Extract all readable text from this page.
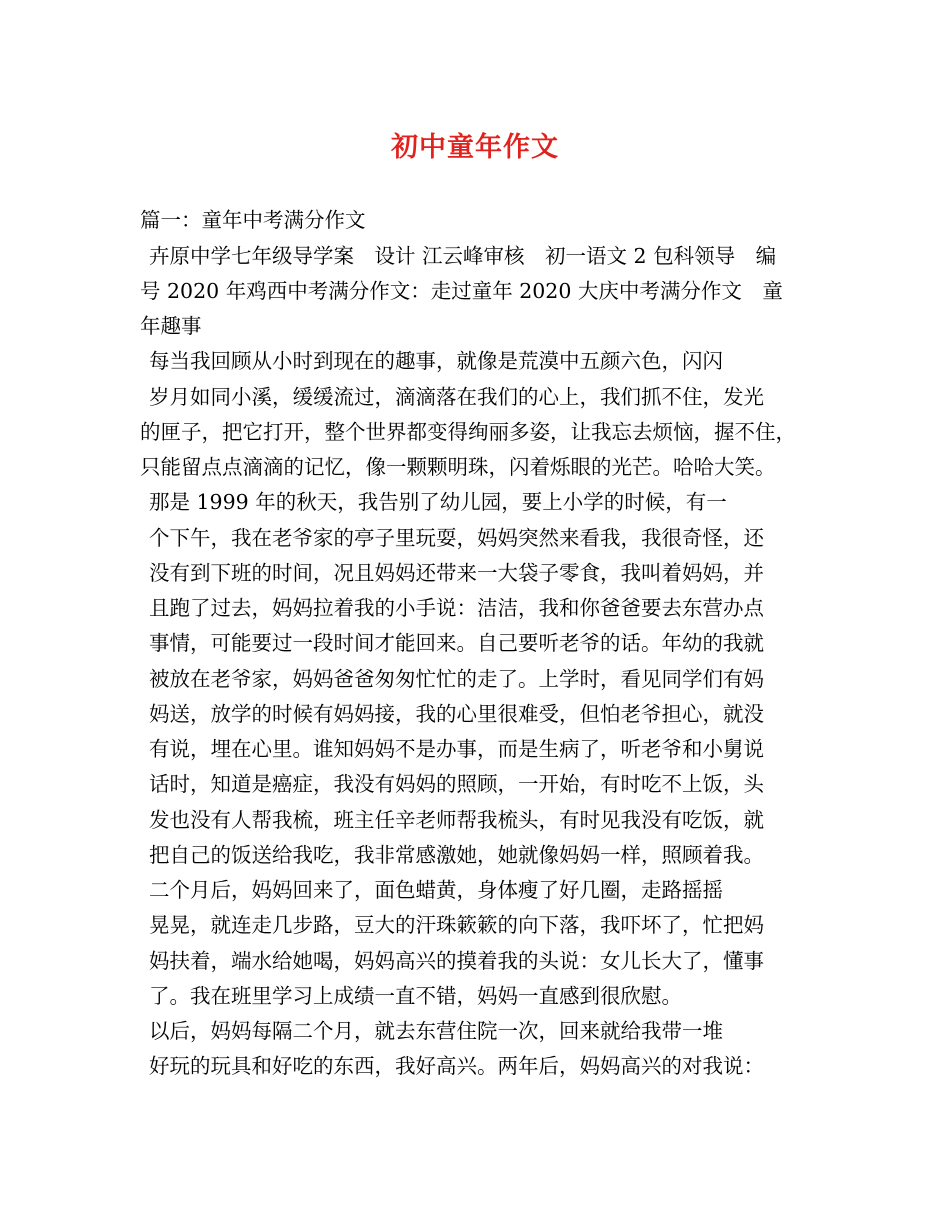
初中童年作文
篇一：童年中考满分作文
卉原中学七年级导学案　设计 江云峰审核　初一语文 2 包科领导　编
号 2020 年鸡西中考满分作文：走过童年 2020 大庆中考满分作文　童
年趣事
每当我回顾从小时到现在的趣事，就像是荒漠中五颜六色，闪闪
岁月如同小溪，缓缓流过，滴滴落在我们的心上，我们抓不住，发光
的匣子，把它打开，整个世界都变得绚丽多姿，让我忘去烦恼，握不住，
只能留点点滴滴的记忆，像一颗颗明珠，闪着烁眼的光芒。哈哈大笑。
那是 1999 年的秋天，我告别了幼儿园，要上小学的时候，有一
个下午，我在老爷家的亭子里玩耍，妈妈突然来看我，我很奇怪，还
没有到下班的时间，况且妈妈还带来一大袋子零食，我叫着妈妈，并
且跑了过去，妈妈拉着我的小手说：洁洁，我和你爸爸要去东营办点
事情，可能要过一段时间才能回来。自己要听老爷的话。年幼的我就
被放在老爷家，妈妈爸爸匆匆忙忙的走了。上学时，看见同学们有妈
妈送，放学的时候有妈妈接，我的心里很难受，但怕老爷担心，就没
有说，埋在心里。谁知妈妈不是办事，而是生病了，听老爷和小舅说
话时，知道是癌症，我没有妈妈的照顾，一开始，有时吃不上饭，头
发也没有人帮我梳，班主任辛老师帮我梳头，有时见我没有吃饭，就
把自己的饭送给我吃，我非常感激她，她就像妈妈一样，照顾着我。
二个月后，妈妈回来了，面色蜡黄，身体瘦了好几圈，走路摇摇
晃晃，就连走几步路，豆大的汗珠簌簌的向下落，我吓坏了，忙把妈
妈扶着，端水给她喝，妈妈高兴的摸着我的头说：女儿长大了，懂事
了。我在班里学习上成绩一直不错，妈妈一直感到很欣慰。
以后，妈妈每隔二个月，就去东营住院一次，回来就给我带一堆
好玩的玩具和好吃的东西，我好高兴。两年后，妈妈高兴的对我说：
